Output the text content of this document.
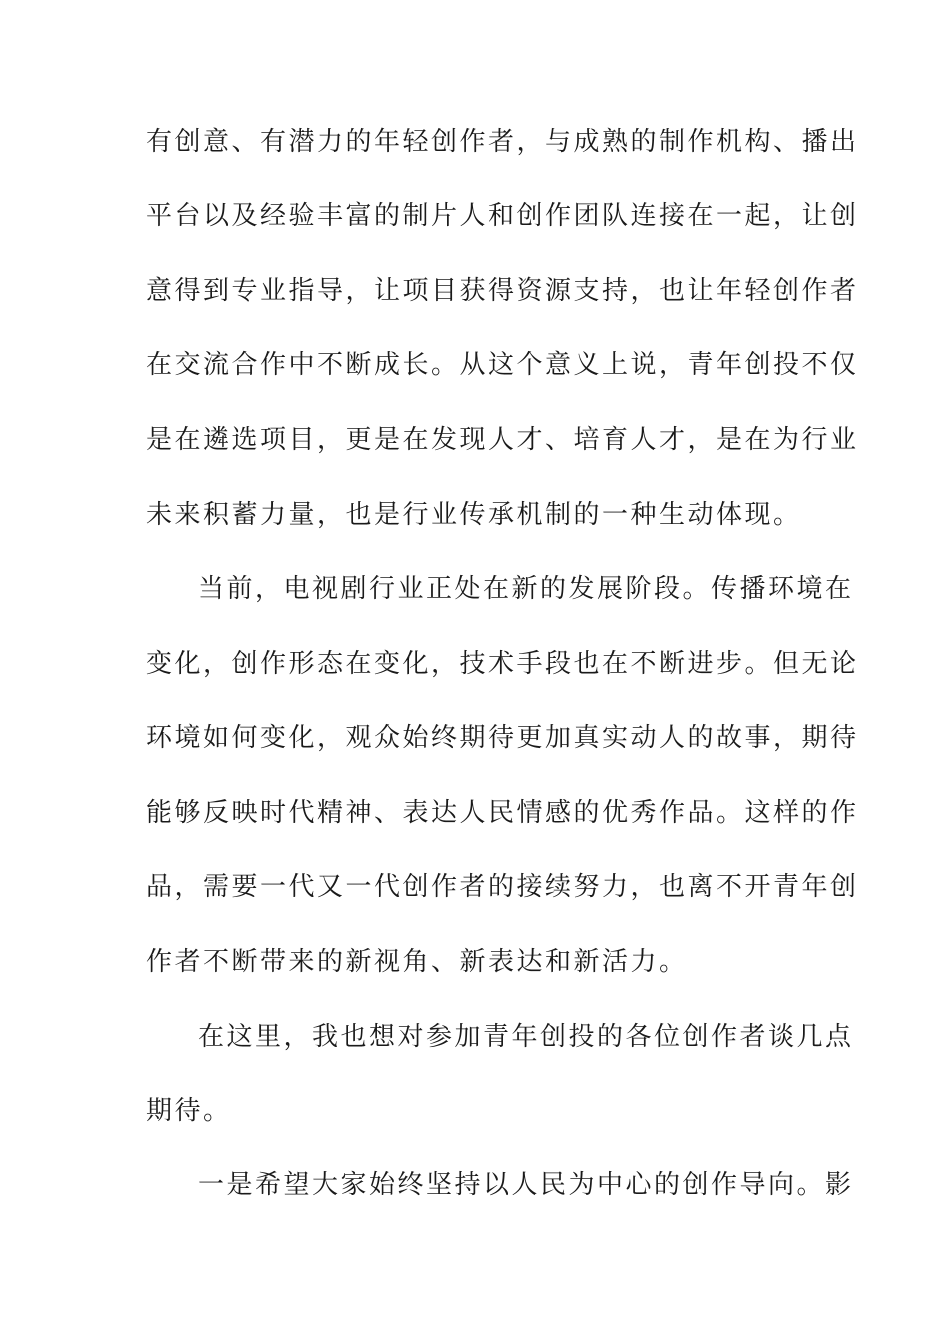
有创意、有潜力的年轻创作者，与成熟的制作机构、播出
平台以及经验丰富的制片人和创作团队连接在一起，让创
意得到专业指导，让项目获得资源支持，也让年轻创作者
在交流合作中不断成长。从这个意义上说，青年创投不仅
是在遴选项目，更是在发现人才、培育人才，是在为行业
未来积蓄力量，也是行业传承机制的一种生动体现。
当前，电视剧行业正处在新的发展阶段。传播环境在
变化，创作形态在变化，技术手段也在不断进步。但无论
环境如何变化，观众始终期待更加真实动人的故事，期待
能够反映时代精神、表达人民情感的优秀作品。这样的作
品，需要一代又一代创作者的接续努力，也离不开青年创
作者不断带来的新视角、新表达和新活力。
在这里，我也想对参加青年创投的各位创作者谈几点
期待。
一是希望大家始终坚持以人民为中心的创作导向。影
